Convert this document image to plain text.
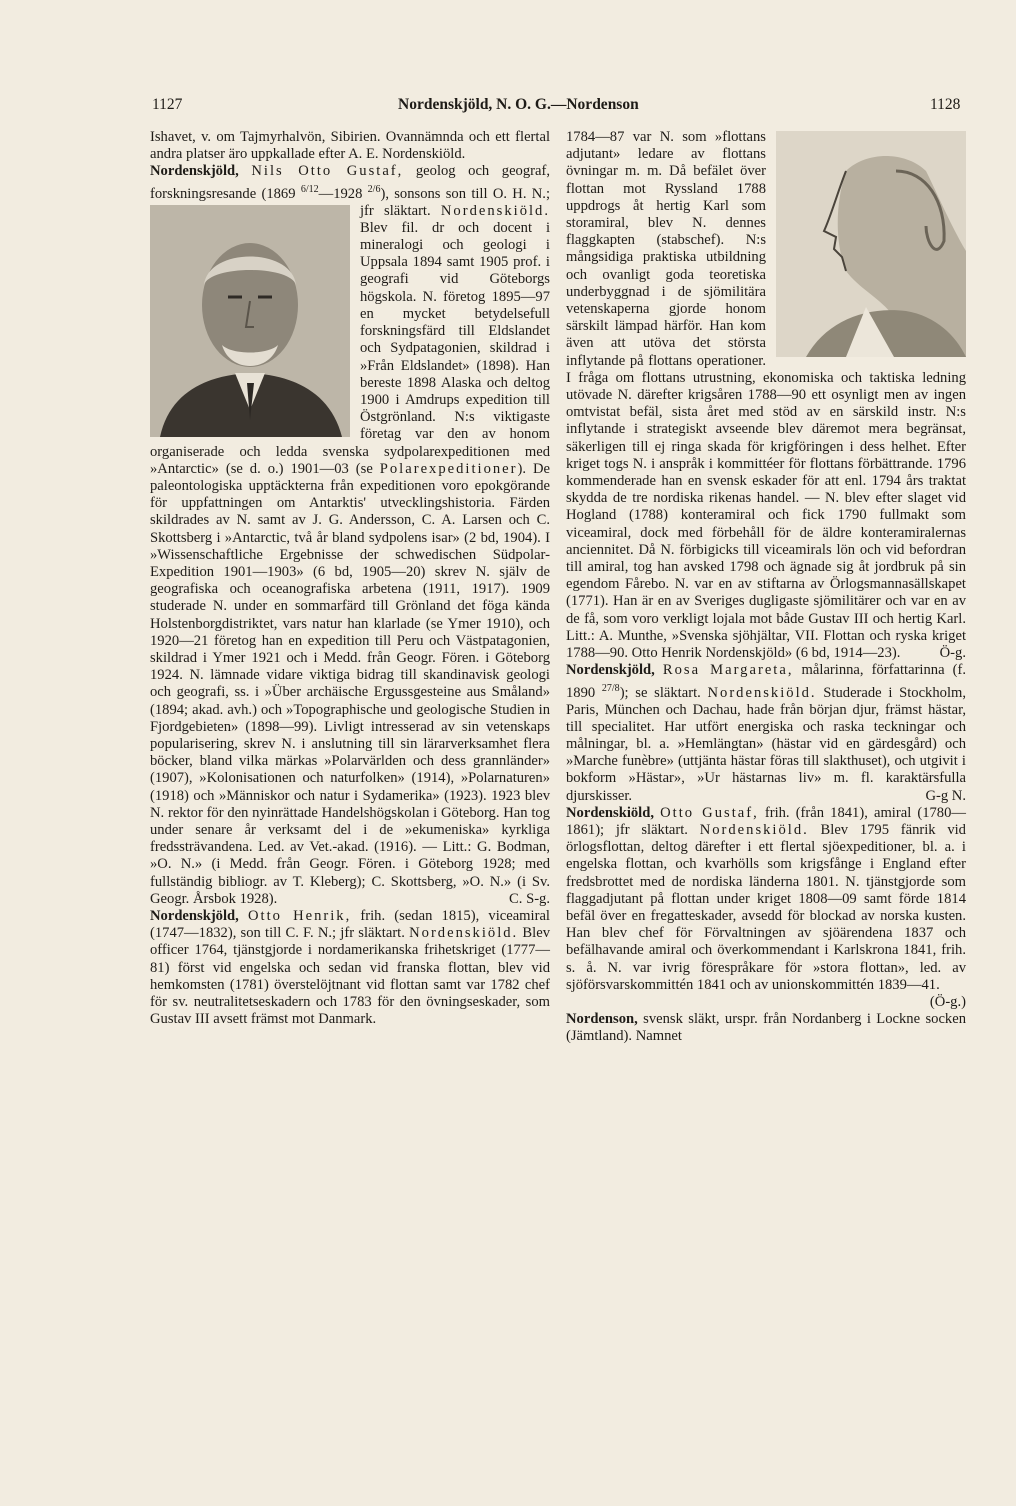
1127	Nordenskjöld, N. O. G.—Nordenson	1128

Ishavet, v. om Tajmyrhalvön, Sibirien. Ovannämnda och ett flertal andra platser äro uppkallade efter A. E. Nordenskiöld.

Nordenskjöld, Nils Otto Gustaf, geolog och geograf, forskningsresande (1869 $^{6/12}$—1928 $^{2/6}$), sonsons son till O. H. N.; jfr släktart. Nordenskiöld.
Blev fil. dr och docent i mineralogi och geologi i Uppsala 1894 samt 1905 prof. i geografi vid Göteborgs högskola. N. företog 1895—97 en mycket betydelsefull forskningsfärd till Eldslandet och Sydpatagonien, skildrad i »Från Eldslandet» (1898). Han bereste 1898 Alaska och deltog 1900 i Amdrups expedition till Östgrönland. N:s viktigaste företag var den av honom organiserade och ledda svenska sydpolarexpeditionen med »Antarctic» (se d. o.) 1901—03 (se Polarexpeditioner). De paleontologiska upptäckterna från expeditionen voro epokgörande för uppfattningen om Antarktis' utvecklingshistoria. Färden skildrades av N. samt av J. G. Andersson, C. A. Larsen och C. Skottsberg i »Antarctic, två år bland sydpolens isar» (2 bd, 1904). I »Wissenschaftliche Ergebnisse der schwedischen Südpolar-Expedition 1901—1903» (6 bd, 1905—20) skrev N. själv de geografiska och oceanografiska arbetena (1911, 1917). 1909 studerade N. under en sommarfärd till Grönland det föga kända Holstenborgdistriktet, vars natur han klarlade (se Ymer 1910), och 1920—21 företog han en expedition till Peru och Västpatagonien, skildrad i Ymer 1921 och i Medd. från Geogr. Fören. i Göteborg 1924. N. lämnade vidare viktiga bidrag till skandinavisk geologi och geografi, ss. i »Über archäische Ergussgesteine aus Småland» (1894; akad. avh.) och »Topographische und geologische Studien in Fjordgebieten» (1898—99). Livligt intresserad av sin vetenskaps popularisering, skrev N. i anslutning till sin lärarverksamhet flera böcker, bland vilka märkas »Polarvärlden och dess grannländer» (1907), »Kolonisationen och naturfolken» (1914), »Polarnaturen» (1918) och »Människor och natur i Sydamerika» (1923). 1923 blev N. rektor för den nyinrättade Handelshögskolan i Göteborg. Han tog under senare år verksamt del i de »ekumeniska» kyrkliga fredssträvandena. Led. av Vet.-akad. (1916). — Litt.: G. Bodman, »O. N.» (i Medd. från Geogr. Fören. i Göteborg 1928; med fullständig bibliogr. av T. Kleberg); C. Skottsberg, »O. N.» (i Sv. Geogr. Årsbok 1928).	C. S-g.

Nordenskjöld, Otto Henrik, frih. (sedan 1815), viceamiral (1747—1832), son till C. F. N.; jfr släktart. Nordenskiöld. Blev officer 1764, tjänstgjorde i nordamerikanska frihetskriget (1777—81) först vid engelska och sedan vid franska flottan, blev vid hemkomsten (1781) överstelöjtnant vid flottan samt var 1782 chef för sv. neutralitetseskadern och 1783 för den övningseskader, som Gustav III avsett främst mot Danmark.

1784—87 var N. som »flottans adjutant» ledare av flottans övningar m. m. Då befälet över flottan mot Ryssland 1788 uppdrogs åt hertig Karl som storamiral, blev N. dennes flaggkapten (stabschef). N:s mångsidiga praktiska utbildning och ovanligt goda teoretiska underbyggnad i de sjömilitära vetenskaperna gjorde honom särskilt lämpad härför. Han kom även att utöva det största inflytande på flottans operationer. I fråga om flottans utrustning, ekonomiska och taktiska ledning utövade N. därefter krigsåren 1788—90 ett osynligt men av ingen omtvistat befäl, sista året med stöd av en särskild instr. N:s inflytande i strategiskt avseende blev däremot mera begränsat, säkerligen till ej ringa skada för krigföringen i dess helhet. Efter kriget togs N. i anspråk i kommittéer för flottans förbättrande. 1796 kommenderade han en svensk eskader för att enl. 1794 års traktat skydda de tre nordiska rikenas handel. — N. blev efter slaget vid Hogland (1788) konteramiral och fick 1790 fullmakt som viceamiral, dock med förbehåll för de äldre konteramiralernas anciennitet. Då N. förbigicks till viceamirals lön och vid befordran till amiral, tog han avsked 1798 och ägnade sig åt jordbruk på sin egendom Fårebo. N. var en av stiftarna av Örlogsmannasällskapet (1771). Han är en av Sveriges dugligaste sjömilitärer och var en av de få, som voro verkligt lojala mot både Gustav III och hertig Karl. Litt.: A. Munthe, »Svenska sjöhjältar, VII. Flottan och ryska kriget 1788—90. Otto Henrik Nordenskjöld» (6 bd, 1914—23).	Ö-g.

Nordenskjöld, Rosa Margareta, målarinna, författarinna (f. 1890 $^{27/8}$); se släktart. Nordenskiöld. Studerade i Stockholm, Paris, München och Dachau, hade från början djur, främst hästar, till specialitet. Har utfört energiska och raska teckningar och målningar, bl. a. »Hemlängtan» (hästar vid en gärdesgård) och »Marche funèbre» (uttjänta hästar föras till slakthuset), och utgivit i bokform »Hästar», »Ur hästarnas liv» m. fl. karaktärsfulla djurskisser.	G-g N.

Nordenskiöld, Otto Gustaf, frih. (från 1841), amiral (1780—1861); jfr släktart. Nordenskiöld. Blev 1795 fänrik vid örlogsflottan, deltog därefter i ett flertal sjöexpeditioner, bl. a. i engelska flottan, och kvarhölls som krigsfånge i England efter fredsbrottet med de nordiska länderna 1801. N. tjänstgjorde som flaggadjutant på flottan under kriget 1808—09 samt förde 1814 befäl över en fregatteskader, avsedd för blockad av norska kusten. Han blev chef för Förvaltningen av sjöärendena 1837 och befälhavande amiral och överkommendant i Karlskrona 1841, frih. s. å. N. var ivrig förespråkare för »stora flottan», led. av sjöförsvarskommittén 1841 och av unionskommittén 1839—41.
(Ö-g.)

Nordenson, svensk släkt, urspr. från Nordanberg i Lockne socken (Jämtland). Namnet
